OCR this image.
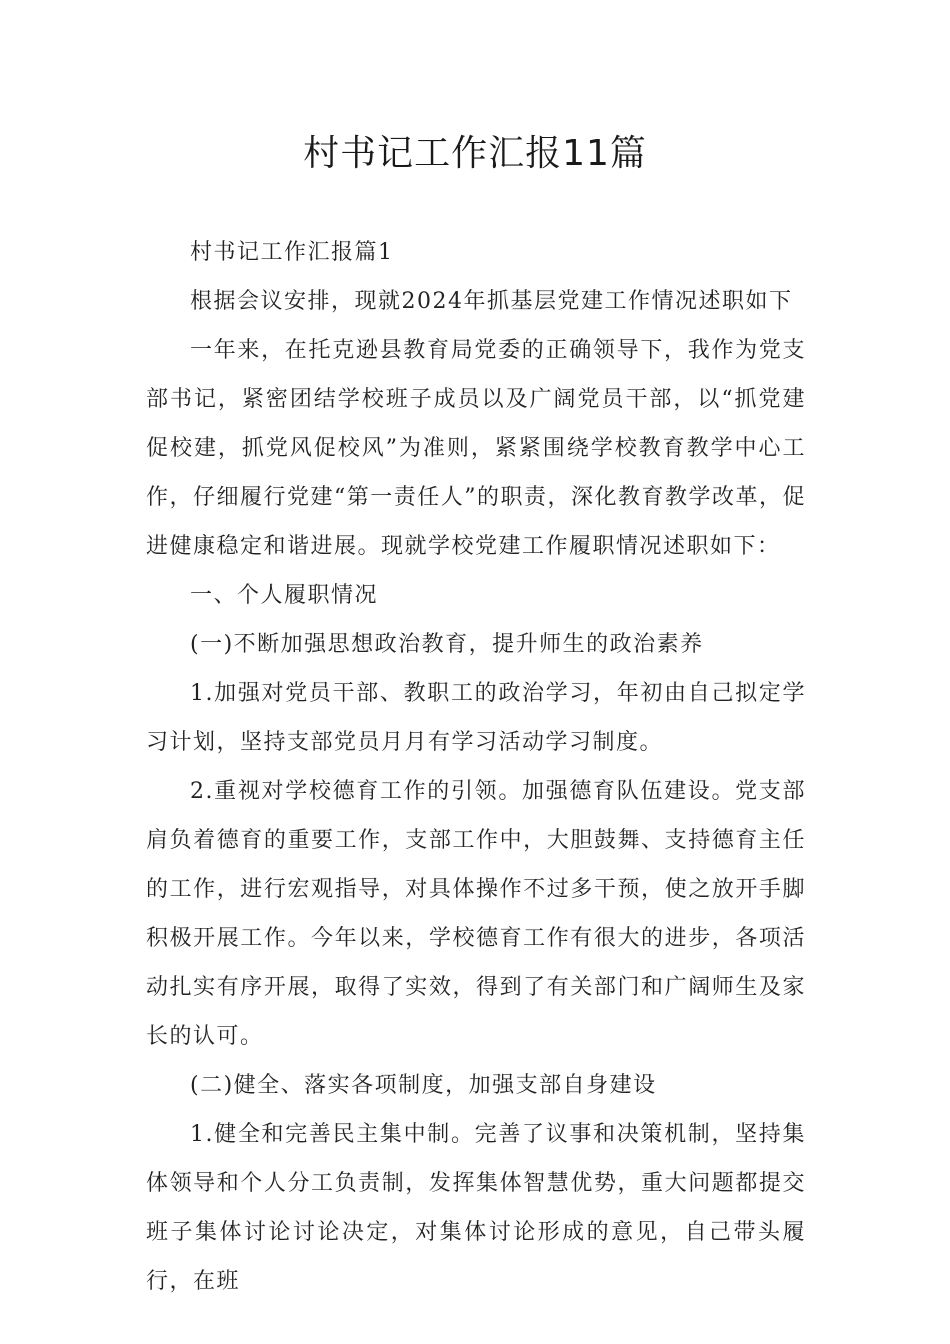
村书记工作汇报11篇

村书记工作汇报篇1

根据会议安排，现就2024年抓基层党建工作情况述职如下

一年来，在托克逊县教育局党委的正确领导下，我作为党支部书记，紧密团结学校班子成员以及广阔党员干部，以“抓党建促校建，抓党风促校风”为准则，紧紧围绕学校教育教学中心工作，仔细履行党建“第一责任人”的职责，深化教育教学改革，促进健康稳定和谐进展。现就学校党建工作履职情况述职如下：

一、个人履职情况

(一)不断加强思想政治教育，提升师生的政治素养

1.加强对党员干部、教职工的政治学习，年初由自己拟定学习计划，坚持支部党员月月有学习活动学习制度。

2.重视对学校德育工作的引领。加强德育队伍建设。党支部肩负着德育的重要工作，支部工作中，大胆鼓舞、支持德育主任的工作，进行宏观指导，对具体操作不过多干预，使之放开手脚积极开展工作。今年以来，学校德育工作有很大的进步，各项活动扎实有序开展，取得了实效，得到了有关部门和广阔师生及家长的认可。

(二)健全、落实各项制度，加强支部自身建设

1.健全和完善民主集中制。完善了议事和决策机制，坚持集体领导和个人分工负责制，发挥集体智慧优势，重大问题都提交班子集体讨论讨论决定，对集体讨论形成的意见，自己带头履行，在班
